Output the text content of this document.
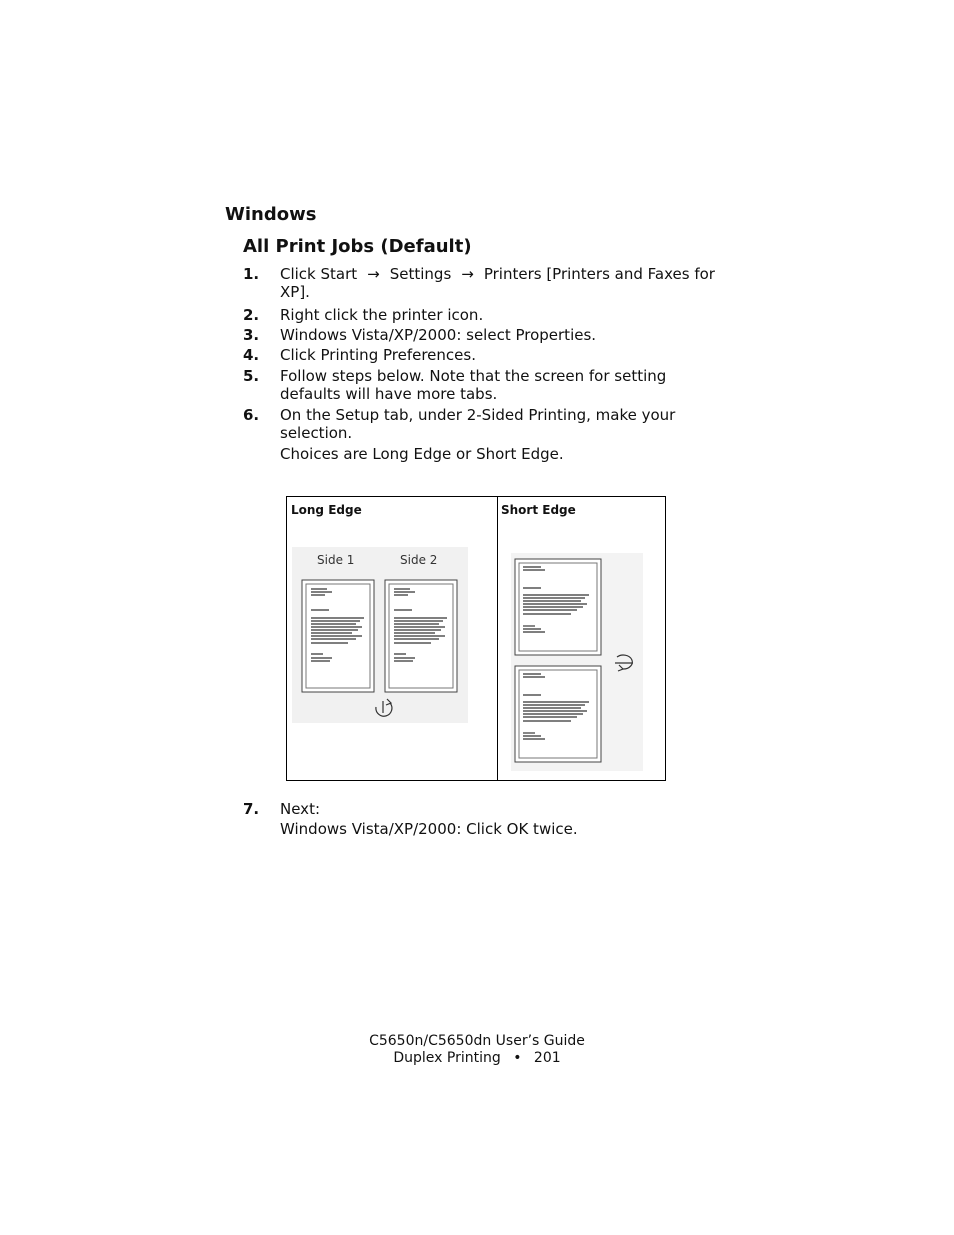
Windows
All Print Jobs (Default)
1. Click Start → Settings → Printers [Printers and Faxes for XP].
2. Right click the printer icon.
3. Windows Vista/XP/2000: select Properties.
4. Click Printing Preferences.
5. Follow steps below. Note that the screen for setting defaults will have more tabs.
6. On the Setup tab, under 2-Sided Printing, make your selection.
Choices are Long Edge or Short Edge.
Long Edge	Short Edge
Side 1	Side 2
7. Next:
Windows Vista/XP/2000: Click OK twice.
C5650n/C5650dn User’s Guide
Duplex Printing • 201
